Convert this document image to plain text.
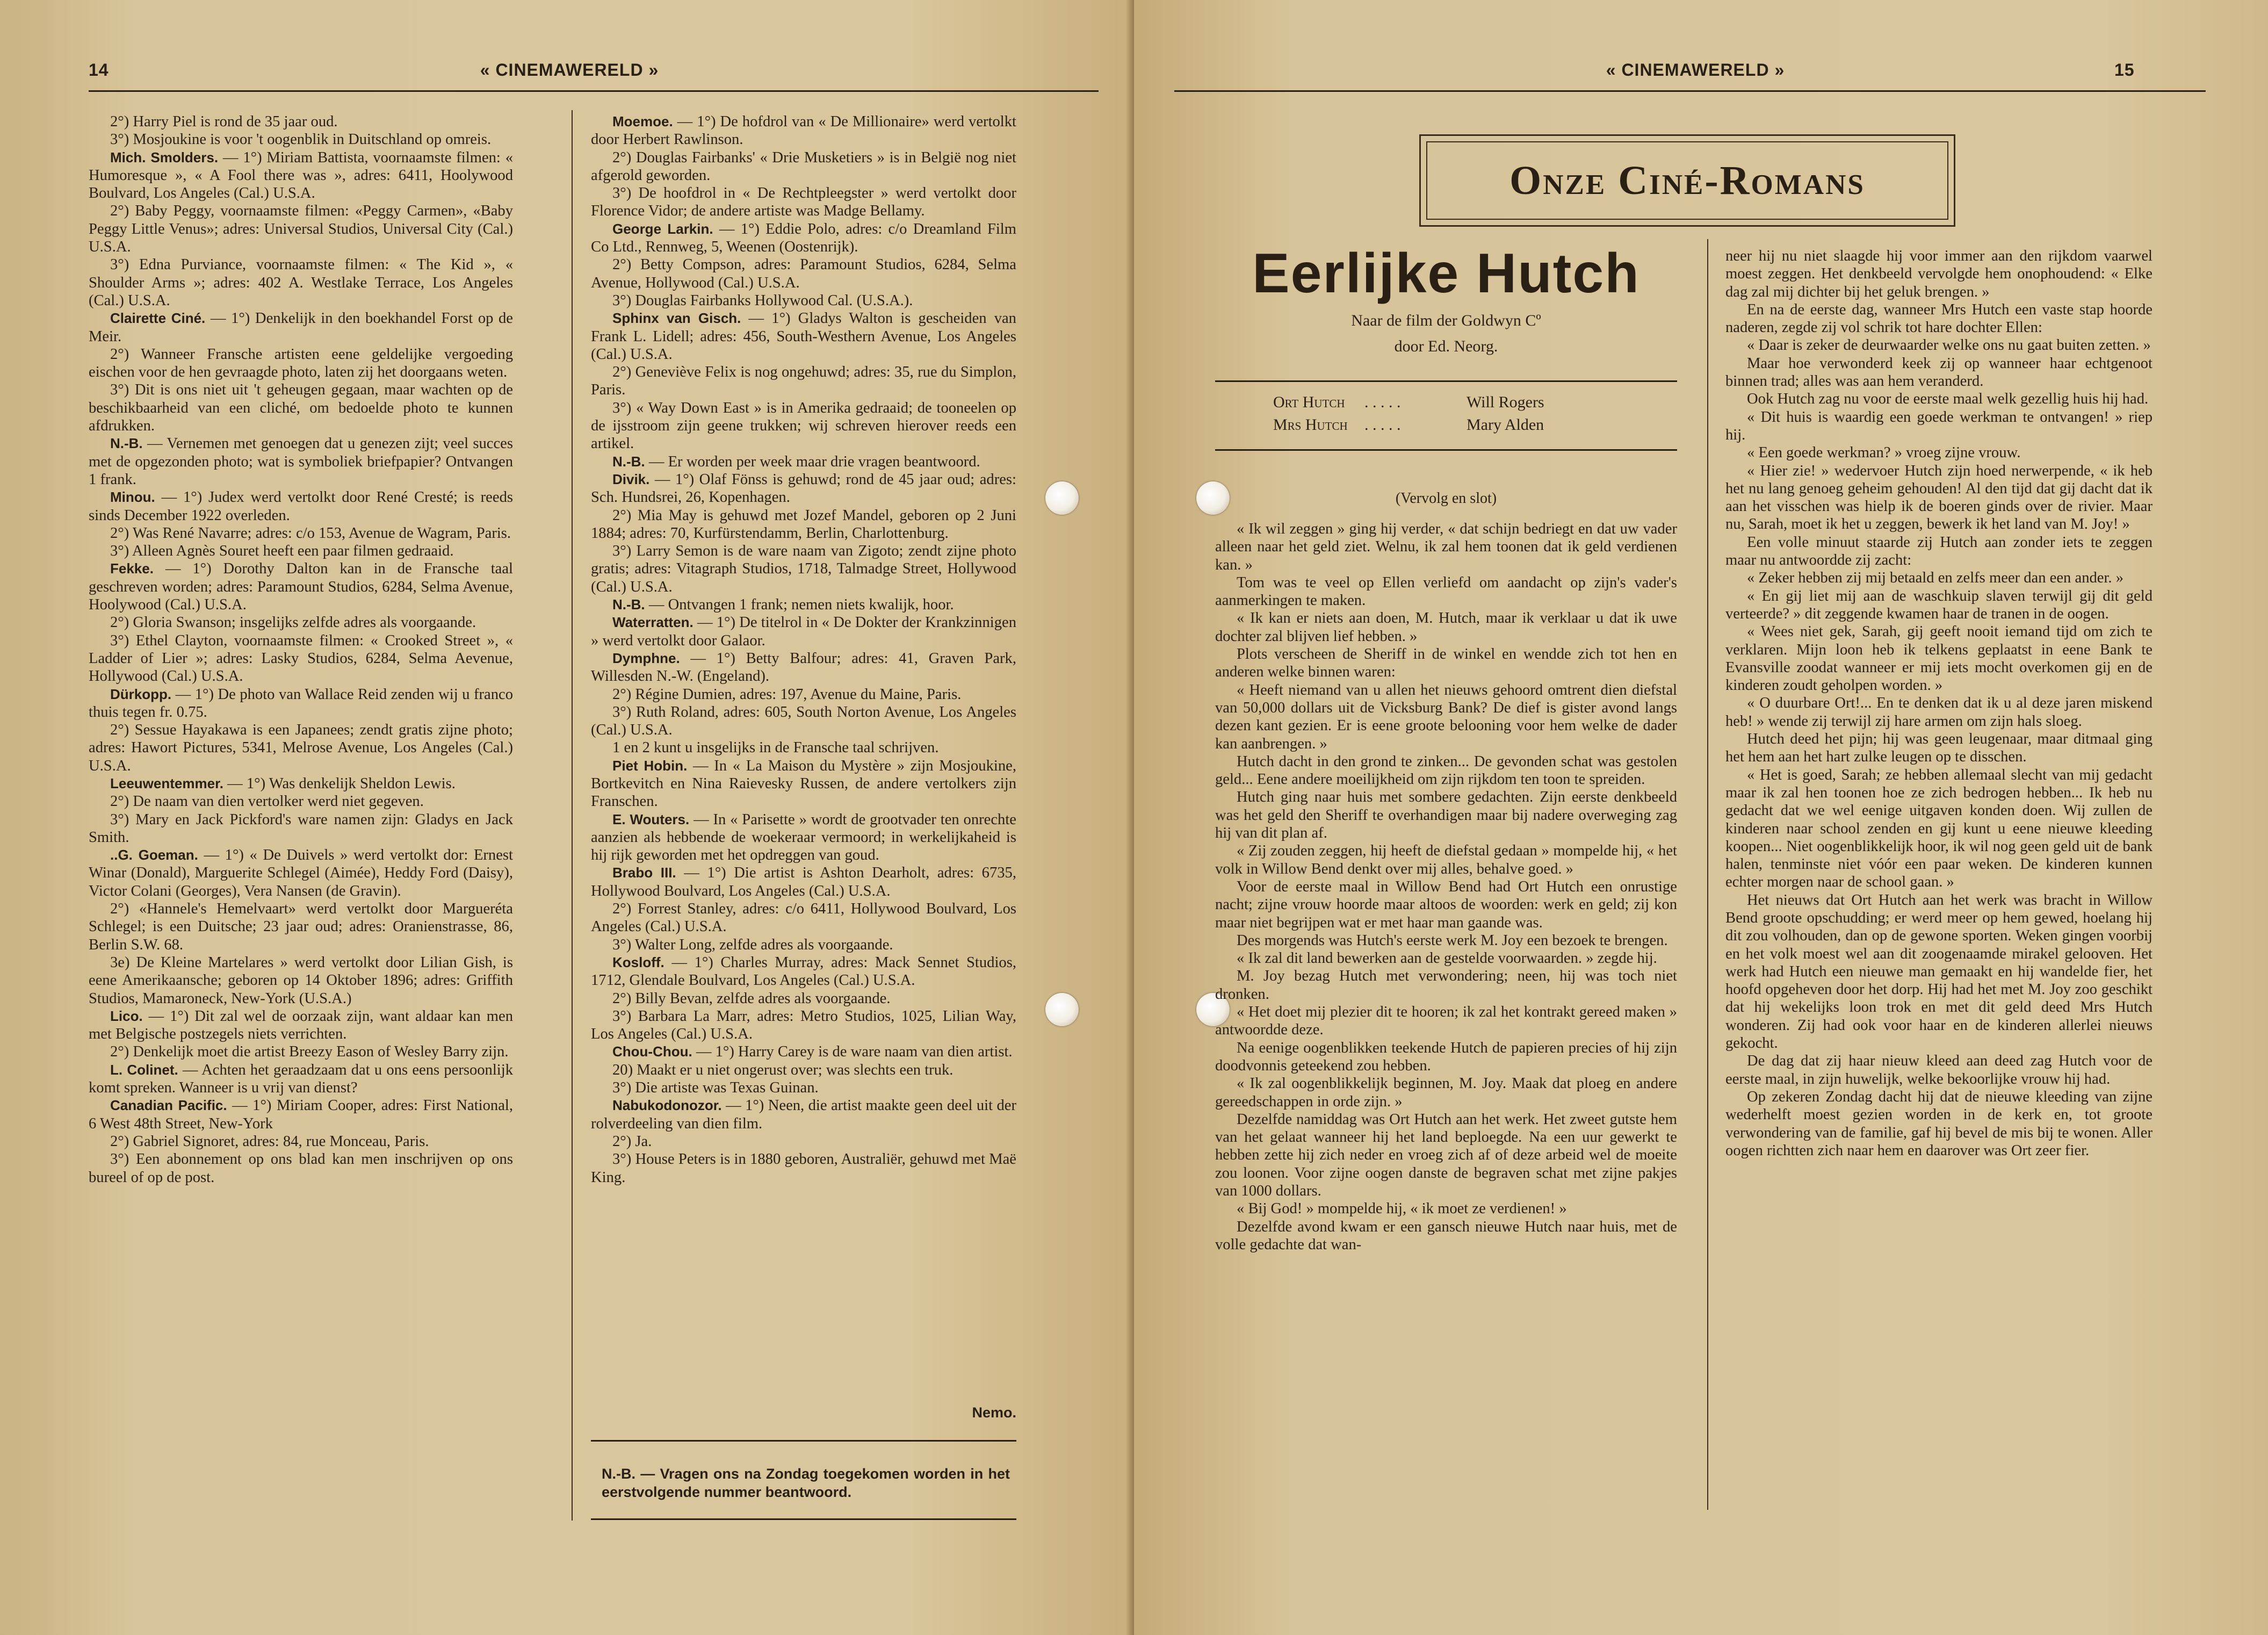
14	« CINEMAWERELD »

2°) Harry Piel is rond de 35 jaar oud.

3°) Mosjoukine is voor 't oogenblik in Duitschland op omreis.

Mich. Smolders. — 1°) Miriam Battista, voornaamste filmen: « Humoresque », « A Fool there was », adres: 6411, Hoolywood Boulvard, Los Angeles (Cal.) U.S.A.

2°) Baby Peggy, voornaamste filmen: «Peggy Carmen», «Baby Peggy Little Venus»; adres: Universal Studios, Universal City (Cal.) U.S.A.

3°) Edna Purviance, voornaamste filmen: « The Kid », « Shoulder Arms »; adres: 402 A. Westlake Terrace, Los Angeles (Cal.) U.S.A.

Clairette Ciné. — 1°) Denkelijk in den boekhandel Forst op de Meir.

2°) Wanneer Fransche artisten eene geldelijke vergoeding eischen voor de hen gevraagde photo, laten zij het doorgaans weten.

3°) Dit is ons niet uit 't geheugen gegaan, maar wachten op de beschikbaarheid van een cliché, om bedoelde photo te kunnen afdrukken.

N.-B. — Vernemen met genoegen dat u genezen zijt; veel succes met de opgezonden photo; wat is symboliek briefpapier? Ontvangen 1 frank.

Minou. — 1°) Judex werd vertolkt door René Cresté; is reeds sinds December 1922 overleden.

2°) Was René Navarre; adres: c/o 153, Avenue de Wagram, Paris.

3°) Alleen Agnès Souret heeft een paar filmen gedraaid.

Fekke. — 1°) Dorothy Dalton kan in de Fransche taal geschreven worden; adres: Paramount Studios, 6284, Selma Avenue, Hoolywood (Cal.) U.S.A.

2°) Gloria Swanson; insgelijks zelfde adres als voorgaande.

3°) Ethel Clayton, voornaamste filmen: « Crooked Street », « Ladder of Lier »; adres: Lasky Studios, 6284, Selma Aevenue, Hollywood (Cal.) U.S.A.

Dürkopp. — 1°) De photo van Wallace Reid zenden wij u franco thuis tegen fr. 0.75.

2°) Sessue Hayakawa is een Japanees; zendt gratis zijne photo; adres: Hawort Pictures, 5341, Melrose Avenue, Los Angeles (Cal.) U.S.A.

Leeuwentemmer. — 1°) Was denkelijk Sheldon Lewis.

2°) De naam van dien vertolker werd niet gegeven.

3°) Mary en Jack Pickford's ware namen zijn: Gladys en Jack Smith.

..G. Goeman. — 1°) « De Duivels » werd vertolkt dor: Ernest Winar (Donald), Marguerite Schlegel (Aimée), Heddy Ford (Daisy), Victor Colani (Georges), Vera Nansen (de Gravin).

2°) «Hannele's Hemelvaart» werd vertolkt door Margueréta Schlegel; is een Duitsche; 23 jaar oud; adres: Oranienstrasse, 86, Berlin S.W. 68.

3e) De Kleine Martelares » werd vertolkt door Lilian Gish, is eene Amerikaansche; geboren op 14 Oktober 1896; adres: Griffith Studios, Mamaroneck, New-York (U.S.A.)

Lico. — 1°) Dit zal wel de oorzaak zijn, want aldaar kan men met Belgische postzegels niets verrichten.

2°) Denkelijk moet die artist Breezy Eason of Wesley Barry zijn.

L. Colinet. — Achten het geraadzaam dat u ons eens persoonlijk komt spreken. Wanneer is u vrij van dienst?

Canadian Pacific. — 1°) Miriam Cooper, adres: First National, 6 West 48th Street, New-York

2°) Gabriel Signoret, adres: 84, rue Monceau, Paris.

3°) Een abonnement op ons blad kan men inschrijven op ons bureel of op de post.

Moemoe. — 1°) De hofdrol van « De Millionaire» werd vertolkt door Herbert Rawlinson.

2°) Douglas Fairbanks' « Drie Musketiers » is in België nog niet afgerold geworden.

3°) De hoofdrol in « De Rechtpleegster » werd vertolkt door Florence Vidor; de andere artiste was Madge Bellamy.

George Larkin. — 1°) Eddie Polo, adres: c/o Dreamland Film Co Ltd., Rennweg, 5, Weenen (Oostenrijk).

2°) Betty Compson, adres: Paramount Studios, 6284, Selma Avenue, Hollywood (Cal.) U.S.A.

3°) Douglas Fairbanks Hollywood Cal. (U.S.A.).

Sphinx van Gisch. — 1°) Gladys Walton is gescheiden van Frank L. Lidell; adres: 456, South-Westhern Avenue, Los Angeles (Cal.) U.S.A.

2°) Geneviève Felix is nog ongehuwd; adres: 35, rue du Simplon, Paris.

3°) « Way Down East » is in Amerika gedraaid; de tooneelen op de ijsstroom zijn geene trukken; wij schreven hierover reeds een artikel.

N.-B. — Er worden per week maar drie vragen beantwoord.

Divik. — 1°) Olaf Fönss is gehuwd; rond de 45 jaar oud; adres: Sch. Hundsrei, 26, Kopenhagen.

2°) Mia May is gehuwd met Jozef Mandel, geboren op 2 Juni 1884; adres: 70, Kurfürstendamm, Berlin, Charlottenburg.

3°) Larry Semon is de ware naam van Zigoto; zendt zijne photo gratis; adres: Vitagraph Studios, 1718, Talmadge Street, Hollywood (Cal.) U.S.A.

N.-B. — Ontvangen 1 frank; nemen niets kwalijk, hoor.

Waterratten. — 1°) De titelrol in « De Dokter der Krankzinnigen » werd vertolkt door Galaor.

Dymphne. — 1°) Betty Balfour; adres: 41, Graven Park, Willesden N.-W. (Engeland).

2°) Régine Dumien, adres: 197, Avenue du Maine, Paris.

3°) Ruth Roland, adres: 605, South Norton Avenue, Los Angeles (Cal.) U.S.A.

1 en 2 kunt u insgelijks in de Fransche taal schrijven.

Piet Hobin. — In « La Maison du Mystère » zijn Mosjoukine, Bortkevitch en Nina Raievesky Russen, de andere vertolkers zijn Franschen.

E. Wouters. — In « Parisette » wordt de grootvader ten onrechte aanzien als hebbende de woekeraar vermoord; in werkelijkaheid is hij rijk geworden met het opdreggen van goud.

Brabo III. — 1°) Die artist is Ashton Dearholt, adres: 6735, Hollywood Boulvard, Los Angeles (Cal.) U.S.A.

2°) Forrest Stanley, adres: c/o 6411, Hollywood Boulvard, Los Angeles (Cal.) U.S.A.

3°) Walter Long, zelfde adres als voorgaande.

Kosloff. — 1°) Charles Murray, adres: Mack Sennet Studios, 1712, Glendale Boulvard, Los Angeles (Cal.) U.S.A.

2°) Billy Bevan, zelfde adres als voorgaande.

3°) Barbara La Marr, adres: Metro Studios, 1025, Lilian Way, Los Angeles (Cal.) U.S.A.

Chou-Chou. — 1°) Harry Carey is de ware naam van dien artist.

20) Maakt er u niet ongerust over; was slechts een truk.

3°) Die artiste was Texas Guinan.

Nabukodonozor. — 1°) Neen, die artist maakte geen deel uit der rolverdeeling van dien film.

2°) Ja.

3°) House Peters is in 1880 geboren, Australiër, gehuwd met Maë King.

Nemo.
N.-B. — Vragen ons na Zondag toegekomen worden in het eerstvolgende nummer beantwoord.
« CINEMAWERELD »	15
Onze Ciné-Romans
Eerlijke Hutch
Naar de film der Goldwyn Cº
door Ed. Neorg.
Ort Hutch	. . . . .	Will Rogers
Mrs Hutch	. . . . .	Mary Alden
(Vervolg en slot)

« Ik wil zeggen » ging hij verder, « dat schijn bedriegt en dat uw vader alleen naar het geld ziet. Welnu, ik zal hem toonen dat ik geld verdienen kan. »

Tom was te veel op Ellen verliefd om aandacht op zijn's vader's aanmerkingen te maken.

« Ik kan er niets aan doen, M. Hutch, maar ik verklaar u dat ik uwe dochter zal blijven lief hebben. »

Plots verscheen de Sheriff in de winkel en wendde zich tot hen en anderen welke binnen waren:

« Heeft niemand van u allen het nieuws gehoord omtrent dien diefstal van 50,000 dollars uit de Vicksburg Bank? De dief is gister avond langs dezen kant gezien. Er is eene groote belooning voor hem welke de dader kan aanbrengen. »

Hutch dacht in den grond te zinken... De gevonden schat was gestolen geld... Eene andere moeilijkheid om zijn rijkdom ten toon te spreiden.

Hutch ging naar huis met sombere gedachten. Zijn eerste denkbeeld was het geld den Sheriff te overhandigen maar bij nadere overweging zag hij van dit plan af.

« Zij zouden zeggen, hij heeft de diefstal gedaan » mompelde hij, « het volk in Willow Bend denkt over mij alles, behalve goed. »

Voor de eerste maal in Willow Bend had Ort Hutch een onrustige nacht; zijne vrouw hoorde maar altoos de woorden: werk en geld; zij kon maar niet begrijpen wat er met haar man gaande was.

Des morgends was Hutch's eerste werk M. Joy een bezoek te brengen.

« Ik zal dit land bewerken aan de gestelde voorwaarden. » zegde hij.

M. Joy bezag Hutch met verwondering; neen, hij was toch niet dronken.

« Het doet mij plezier dit te hooren; ik zal het kontrakt gereed maken » antwoordde deze.

Na eenige oogenblikken teekende Hutch de papieren precies of hij zijn doodvonnis geteekend zou hebben.

« Ik zal oogenblikkelijk beginnen, M. Joy. Maak dat ploeg en andere gereedschappen in orde zijn. »

Dezelfde namiddag was Ort Hutch aan het werk. Het zweet gutste hem van het gelaat wanneer hij het land beploegde. Na een uur gewerkt te hebben zette hij zich neder en vroeg zich af of deze arbeid wel de moeite zou loonen. Voor zijne oogen danste de begraven schat met zijne pakjes van 1000 dollars.

« Bij God! » mompelde hij, « ik moet ze verdienen! »

Dezelfde avond kwam er een gansch nieuwe Hutch naar huis, met de volle gedachte dat wan-

neer hij nu niet slaagde hij voor immer aan den rijkdom vaarwel moest zeggen. Het denkbeeld vervolgde hem onophoudend: « Elke dag zal mij dichter bij het geluk brengen. »

En na de eerste dag, wanneer Mrs Hutch een vaste stap hoorde naderen, zegde zij vol schrik tot hare dochter Ellen:

« Daar is zeker de deurwaarder welke ons nu gaat buiten zetten. »

Maar hoe verwonderd keek zij op wanneer haar echtgenoot binnen trad; alles was aan hem veranderd.

Ook Hutch zag nu voor de eerste maal welk gezellig huis hij had.

« Dit huis is waardig een goede werkman te ontvangen! » riep hij.

« Een goede werkman? » vroeg zijne vrouw.

« Hier zie! » wedervoer Hutch zijn hoed nerwerpende, « ik heb het nu lang genoeg geheim gehouden! Al den tijd dat gij dacht dat ik aan het visschen was hielp ik de boeren ginds over de rivier. Maar nu, Sarah, moet ik het u zeggen, bewerk ik het land van M. Joy! »

Een volle minuut staarde zij Hutch aan zonder iets te zeggen maar nu antwoordde zij zacht:

« Zeker hebben zij mij betaald en zelfs meer dan een ander. »

« En gij liet mij aan de waschkuip slaven terwijl gij dit geld verteerde? » dit zeggende kwamen haar de tranen in de oogen.

« Wees niet gek, Sarah, gij geeft nooit iemand tijd om zich te verklaren. Mijn loon heb ik telkens geplaatst in eene Bank te Evansville zoodat wanneer er mij iets mocht overkomen gij en de kinderen zoudt geholpen worden. »

« O duurbare Ort!... En te denken dat ik u al deze jaren miskend heb! » wende zij terwijl zij hare armen om zijn hals sloeg.

Hutch deed het pijn; hij was geen leugenaar, maar ditmaal ging het hem aan het hart zulke leugen op te disschen.

« Het is goed, Sarah; ze hebben allemaal slecht van mij gedacht maar ik zal hen toonen hoe ze zich bedrogen hebben... Ik heb nu gedacht dat we wel eenige uitgaven konden doen. Wij zullen de kinderen naar school zenden en gij kunt u eene nieuwe kleeding koopen... Niet oogenblikkelijk hoor, ik wil nog geen geld uit de bank halen, tenminste niet vóór een paar weken. De kinderen kunnen echter morgen naar de school gaan. »

Het nieuws dat Ort Hutch aan het werk was bracht in Willow Bend groote opschudding; er werd meer op hem gewed, hoelang hij dit zou volhouden, dan op de gewone sporten. Weken gingen voorbij en het volk moest wel aan dit zoogenaamde mirakel gelooven. Het werk had Hutch een nieuwe man gemaakt en hij wandelde fier, het hoofd opgeheven door het dorp. Hij had het met M. Joy zoo geschikt dat hij wekelijks loon trok en met dit geld deed Mrs Hutch wonderen. Zij had ook voor haar en de kinderen allerlei nieuws gekocht.

De dag dat zij haar nieuw kleed aan deed zag Hutch voor de eerste maal, in zijn huwelijk, welke bekoorlijke vrouw hij had.

Op zekeren Zondag dacht hij dat de nieuwe kleeding van zijne wederhelft moest gezien worden in de kerk en, tot groote verwondering van de familie, gaf hij bevel de mis bij te wonen. Aller oogen richtten zich naar hem en daarover was Ort zeer fier.
